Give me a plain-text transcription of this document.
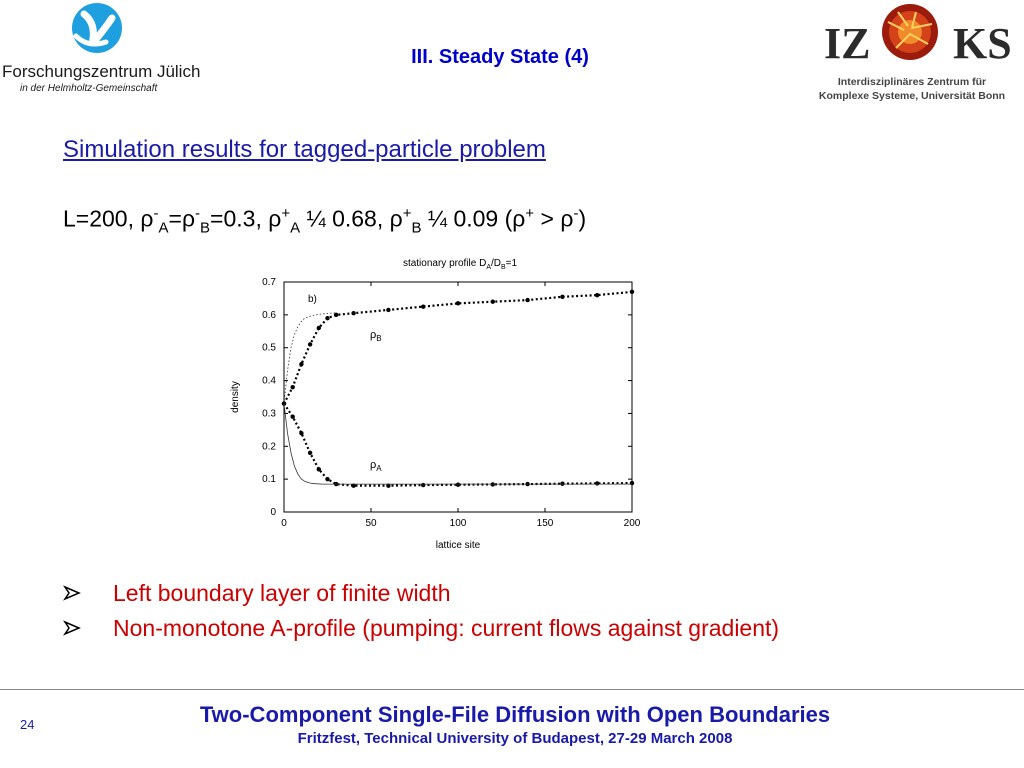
Forschungszentrum Jülich
in der Helmholtz-Gemeinschaft
III. Steady State (4)	IZ KS
Interdisziplinäres Zentrum für
Komplexe Systeme, Universität Bonn
Simulation results for tagged-particle problem
L=200, $\rho^-_A=\rho^-_B=0.3$, $\rho^+_A$ ¼ 0.68, $\rho^+_B$ ¼ 0.09 (ρ+ > ρ-)
stationary profile $D_A/D_B=1$
density
lattice site
b)
$\rho_B$
$\rho_A$
0	50	100	150	200
0
0.1
0.2
0.3
0.4
0.5
0.6
0.7
Left boundary layer of finite width
Non-monotone A-profile (pumping: current flows against gradient)
24	Two-Component Single-File Diffusion with Open Boundaries
Fritzfest, Technical University of Budapest, 27-29 March 2008
